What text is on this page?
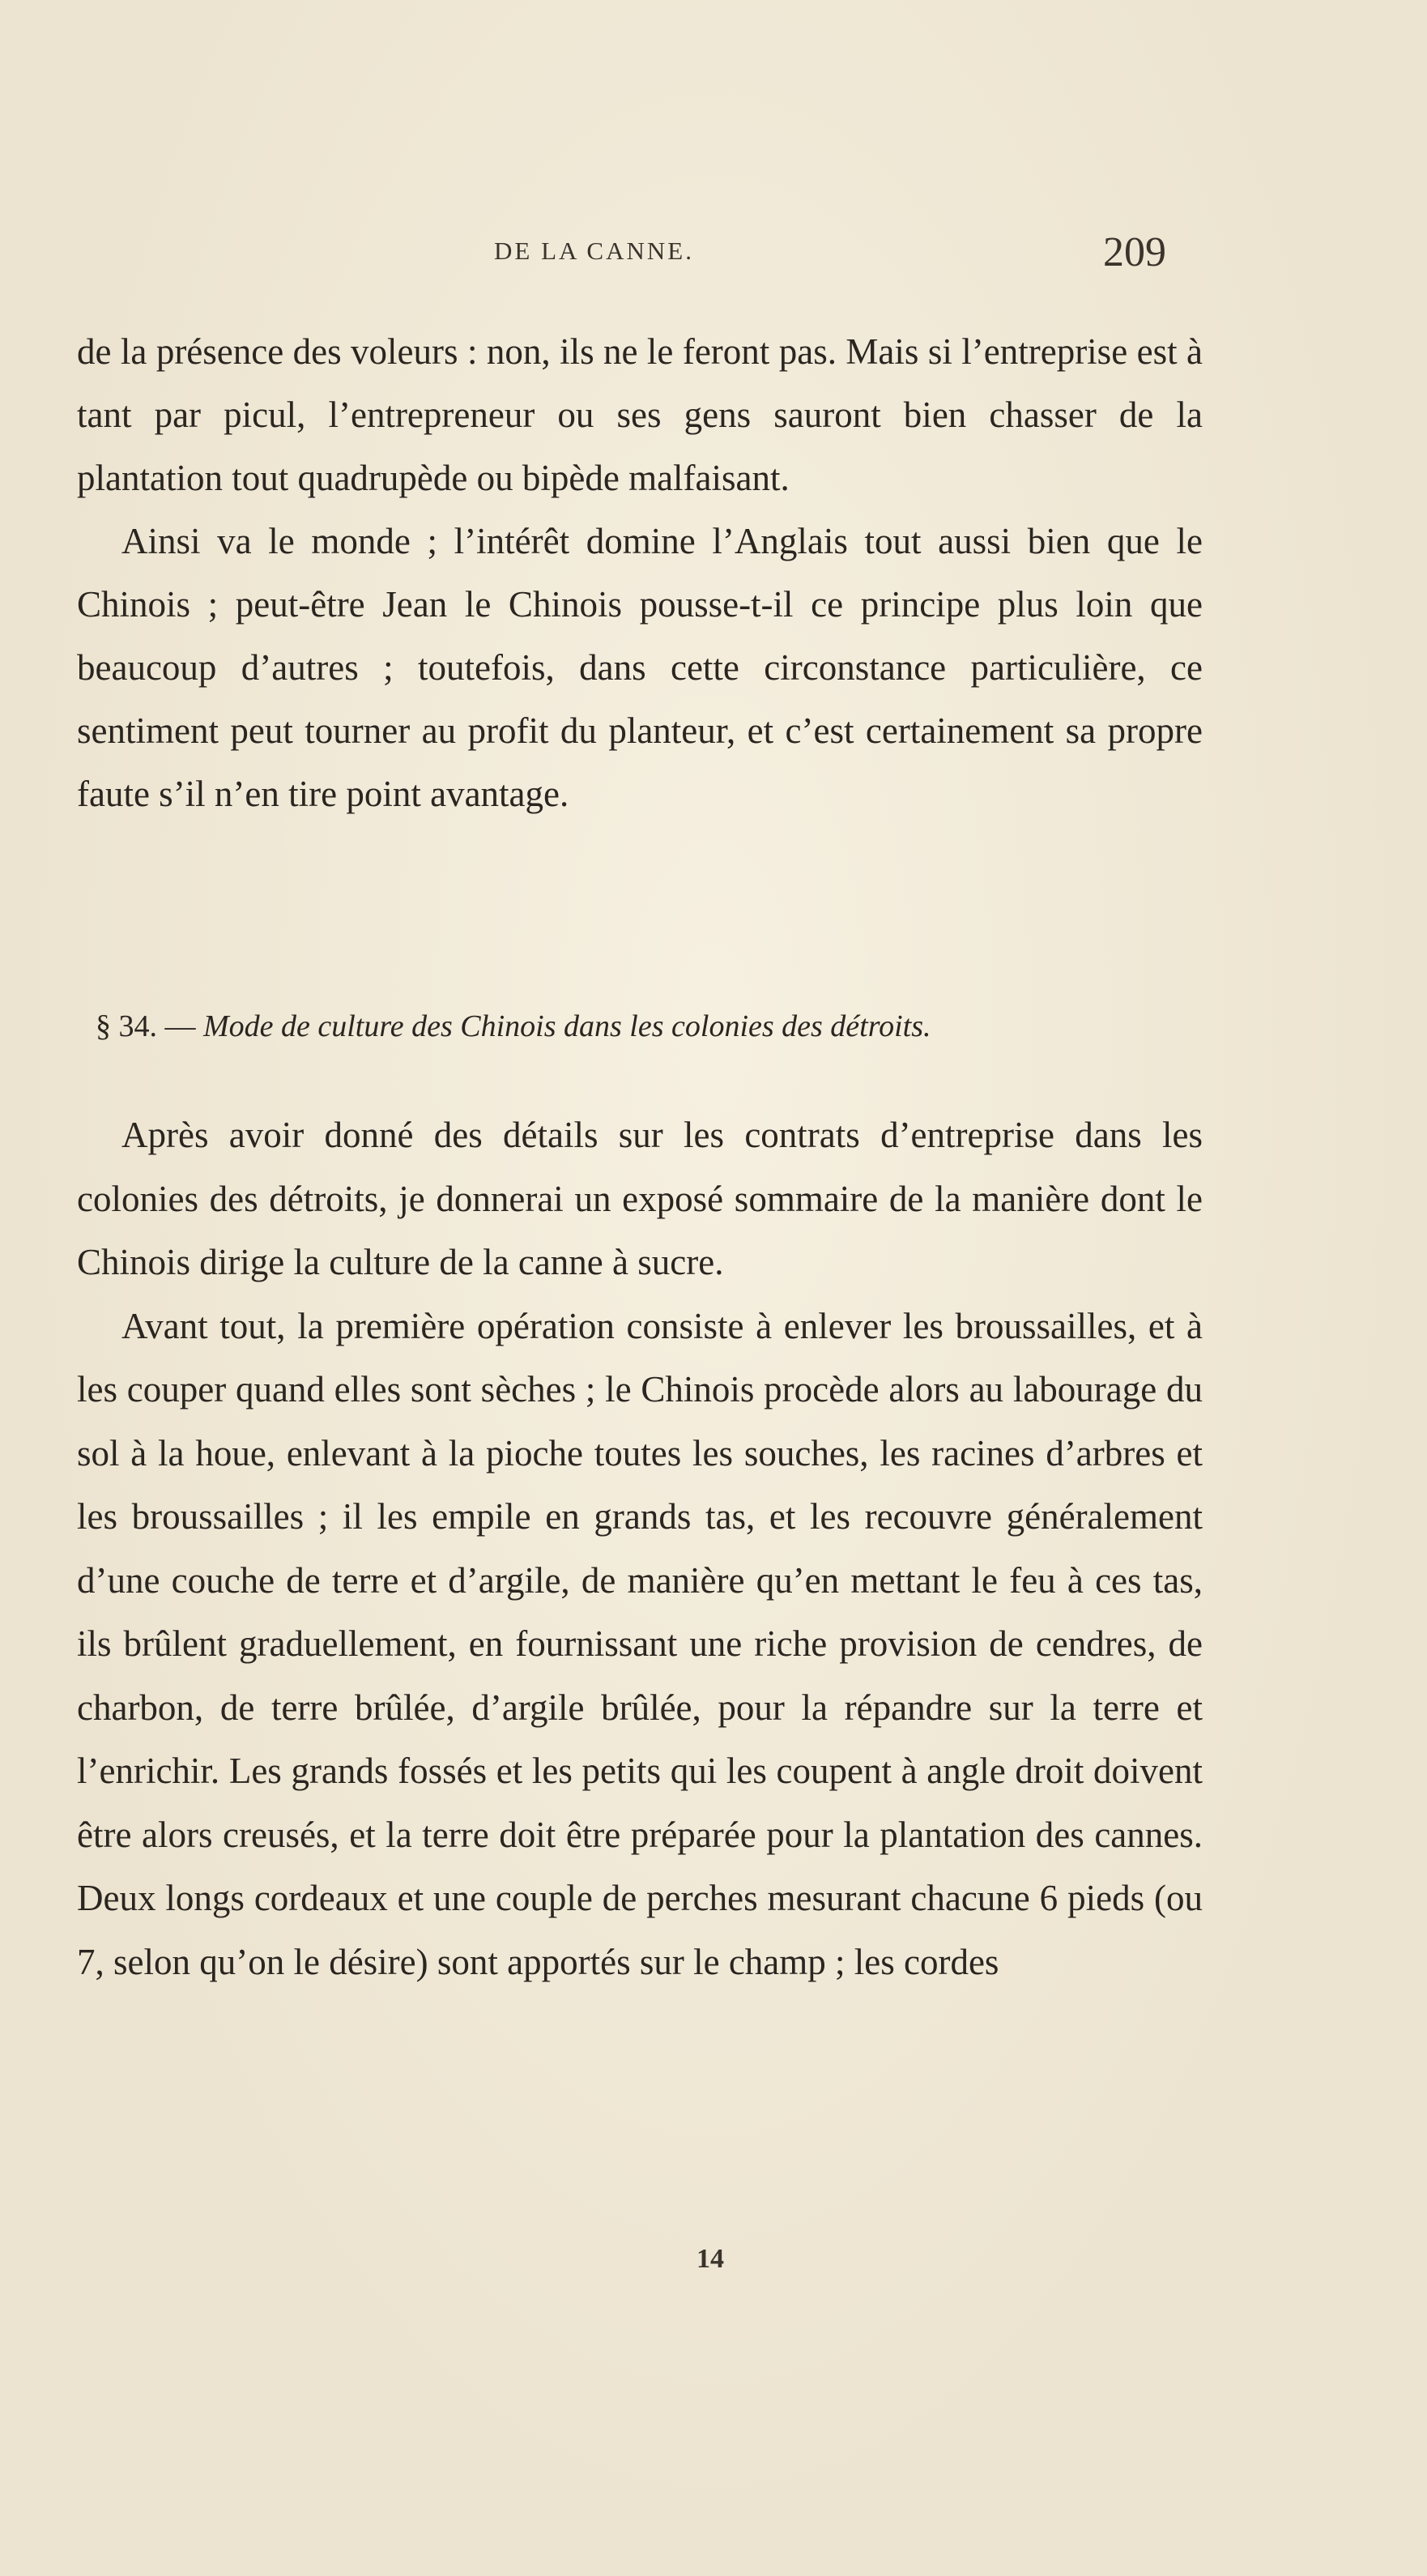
DE LA CANNE.	209

de la présence des voleurs : non, ils ne le feront pas. Mais si l’entreprise est à tant par picul, l’entrepreneur ou ses gens sauront bien chasser de la plantation tout quadrupède ou bipède malfaisant.

Ainsi va le monde ; l’intérêt domine l’Anglais tout aussi bien que le Chinois ; peut-être Jean le Chinois pousse-t-il ce principe plus loin que beaucoup d’autres ; toutefois, dans cette circonstance particulière, ce sentiment peut tourner au profit du planteur, et c’est certainement sa propre faute s’il n’en tire point avantage.

§ 34. — Mode de culture des Chinois dans les colonies des détroits.

Après avoir donné des détails sur les contrats d’entreprise dans les colonies des détroits, je donnerai un exposé sommaire de la manière dont le Chinois dirige la culture de la canne à sucre.

Avant tout, la première opération consiste à enlever les broussailles, et à les couper quand elles sont sèches ; le Chinois procède alors au labourage du sol à la houe, enlevant à la pioche toutes les souches, les racines d’arbres et les broussailles ; il les empile en grands tas, et les recouvre généralement d’une couche de terre et d’argile, de manière qu’en mettant le feu à ces tas, ils brûlent graduellement, en fournissant une riche provision de cendres, de charbon, de terre brûlée, d’argile brûlée, pour la répandre sur la terre et l’enrichir. Les grands fossés et les petits qui les coupent à angle droit doivent être alors creusés, et la terre doit être préparée pour la plantation des cannes. Deux longs cordeaux et une couple de perches mesurant chacune 6 pieds (ou 7, selon qu’on le désire) sont apportés sur le champ ; les cordes

14
